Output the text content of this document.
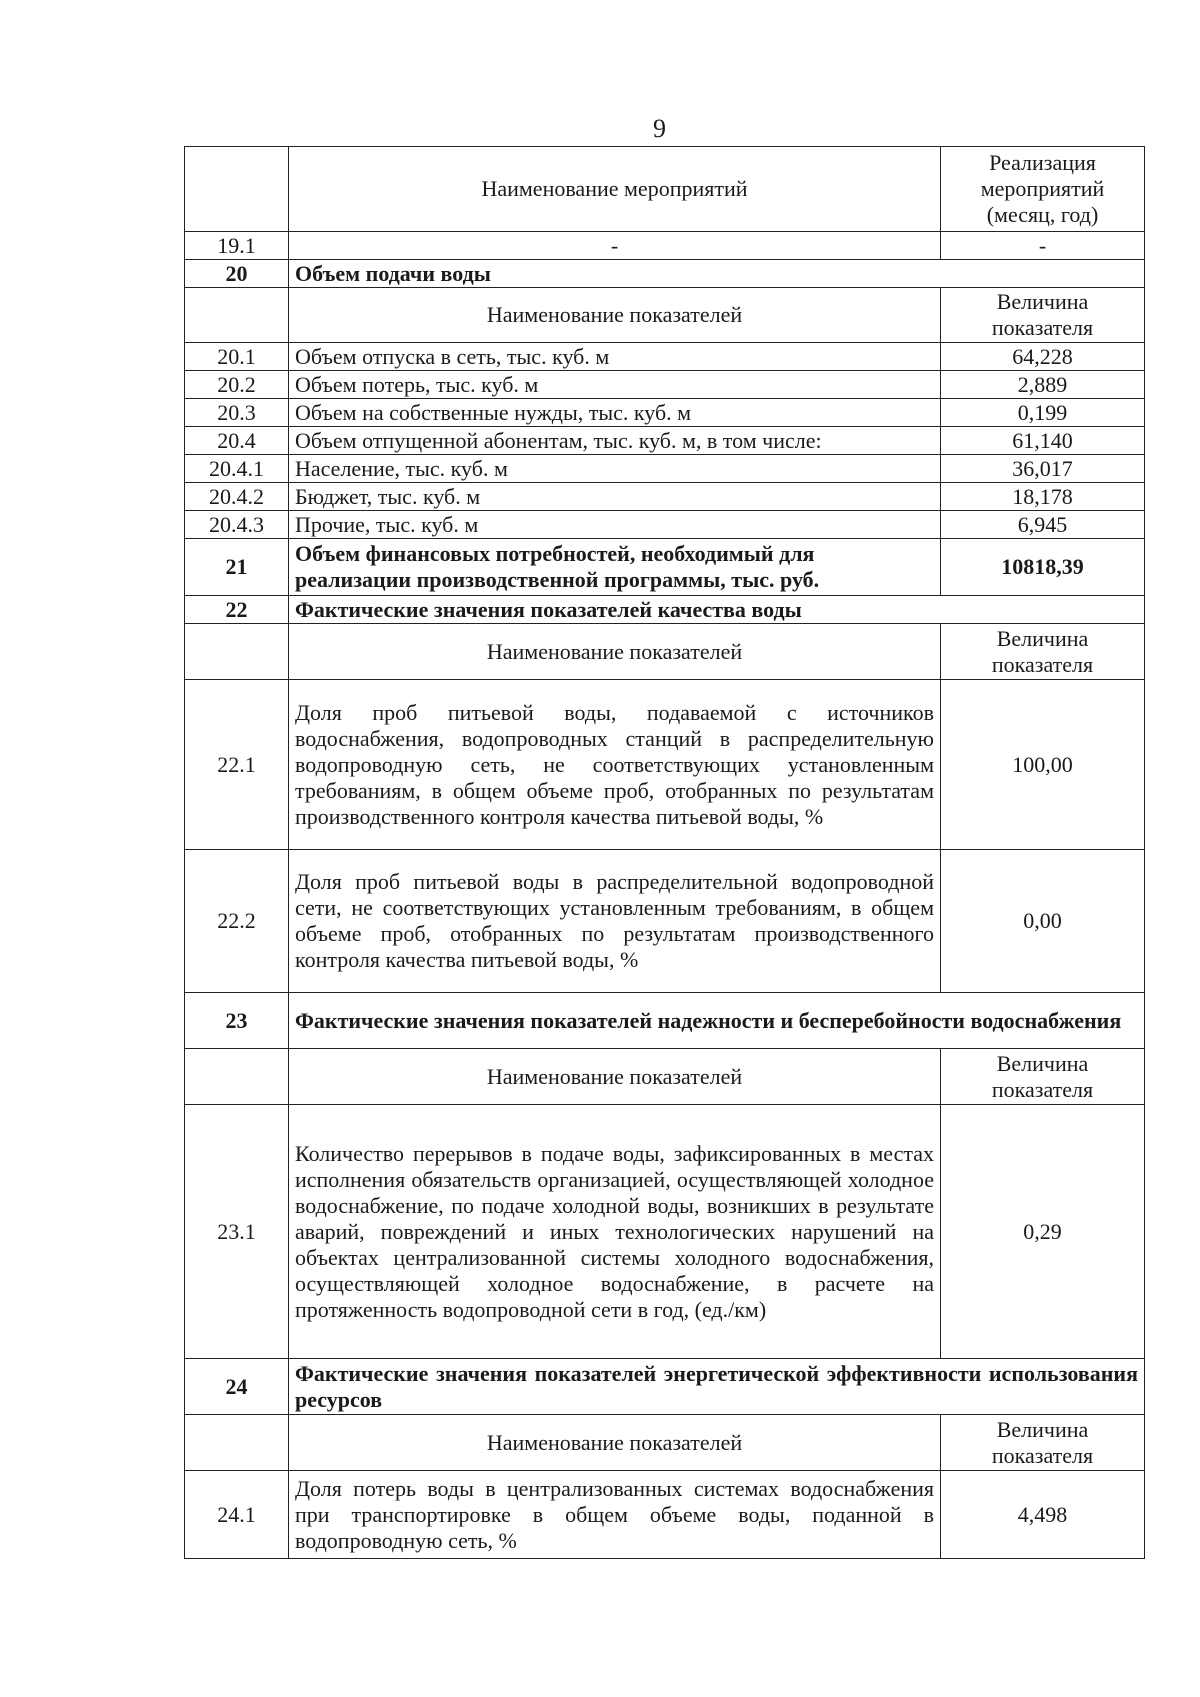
9
	Наименование мероприятий	Реализация мероприятий (месяц, год)
19.1	-	-
20	Объем подачи воды	
	Наименование показателей	Величина показателя
20.1	Объем отпуска в сеть, тыс. куб. м	64,228
20.2	Объем потерь, тыс. куб. м	2,889
20.3	Объем на собственные нужды, тыс. куб. м	0,199
20.4	Объем отпущенной абонентам, тыс. куб. м, в том числе:	61,140
20.4.1	Население, тыс. куб. м	36,017
20.4.2	Бюджет, тыс. куб. м	18,178
20.4.3	Прочие, тыс. куб. м	6,945
21	Объем финансовых потребностей, необходимый для реализации производственной программы, тыс. руб.	10818,39
22	Фактические значения показателей качества воды	
	Наименование показателей	Величина показателя
22.1	Доля проб питьевой воды, подаваемой с источников водоснабжения, водопроводных станций в распределительную водопроводную сеть, не соответствующих установленным требованиям, в общем объеме проб, отобранных по результатам производственного контроля качества питьевой воды, %	100,00
22.2	Доля проб питьевой воды в распределительной водопроводной сети, не соответствующих установленным требованиям, в общем объеме проб, отобранных по результатам производственного контроля качества питьевой воды, %	0,00
23	Фактические значения показателей надежности и бесперебойности водоснабжения	
	Наименование показателей	Величина показателя
23.1	Количество перерывов в подаче воды, зафиксированных в местах исполнения обязательств организацией, осуществляющей холодное водоснабжение, по подаче холодной воды, возникших в результате аварий, повреждений и иных технологических нарушений на объектах централизованной системы холодного водоснабжения, осуществляющей холодное водоснабжение, в расчете на протяженность водопроводной сети в год, (ед./км)	0,29
24	Фактические значения показателей энергетической эффективности использования ресурсов	
	Наименование показателей	Величина показателя
24.1	Доля потерь воды в централизованных системах водоснабжения при транспортировке в общем объеме воды, поданной в водопроводную сеть, %	4,498
